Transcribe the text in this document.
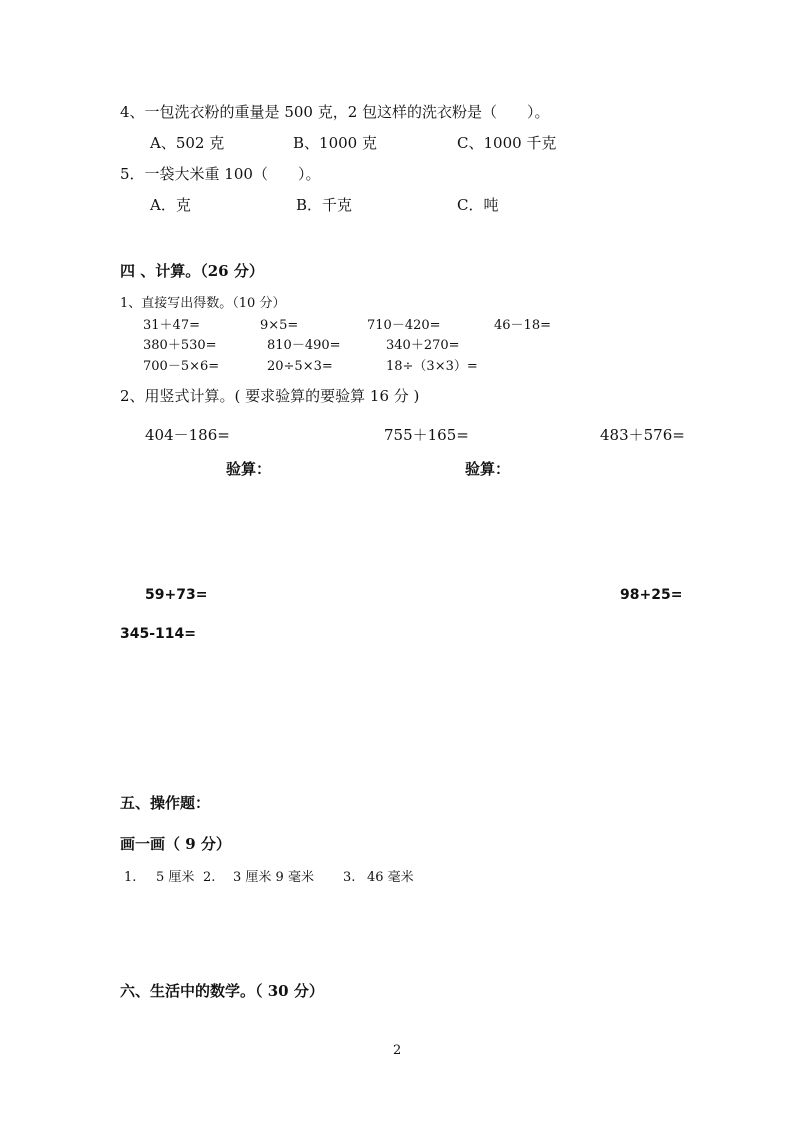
4、一包洗衣粉的重量是 500 克，2 包这样的洗衣粉是（　　）。
A、502 克	B、1000 克	C、1000 千克
5．一袋大米重 100（　　）。
A．克	B．千克	C．吨
四 、计算。（26 分）
1、直接写出得数。（10 分）
31＋47=	9×5=	710－420=	46－18=
380＋530=	810－490=	340＋270=
700－5×6=	20÷5×3=	18÷（3×3）=
2、用竖式计算。( 要求验算的要验算 16 分 )
404－186=	755＋165=	483＋576=
验算：	验算：
59+73=	98+25=
345-114=
五、操作题：
画一画（ 9 分）
1. 5 厘米 2. 3 厘米 9 毫米 3. 46 毫米
六、生活中的数学。（ 30 分）
2
